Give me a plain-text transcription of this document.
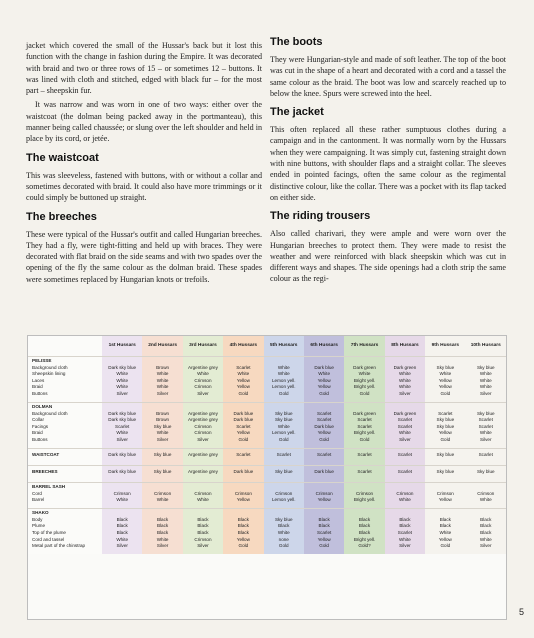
jacket which covered the small of the Hussar's back but it lost this function with the change in fashion during the Empire. It was decorated with braid and two or three rows of 15 – or sometimes 12 – buttons. It was lined with cloth and stitched, edged with black fur – for the most part – sheepskin fur.

It was narrow and was worn in one of two ways: either over the waistcoat (the dolman being packed away in the portmanteau), this manner being called chaussée; or slung over the left shoulder and held in place by its cord, or jetée.

The waistcoat

This was sleeveless, fastened with buttons, with or without a collar and sometimes decorated with braid. It could also have more trimmings or it could simply be buttoned up straight.

The breeches

These were typical of the Hussar's outfit and called Hungarian breeches. They had a fly, were tight-fitting and held up with braces. They were decorated with flat braid on the side seams and with two spades over the opening of the fly the same colour as the dolman braid. These spades were sometimes replaced by Hungarian knots or trefoils.

The boots

They were Hungarian-style and made of soft leather. The top of the boot was cut in the shape of a heart and decorated with a cord and a tassel the same colour as the braid. The boot was low and scarcely reached up to below the knee. Spurs were screwed into the heel.

The jacket

This often replaced all these rather sumptuous clothes during a campaign and in the cantonment. It was normally worn by the Hussars when they were campaigning. It was simply cut, fastening straight down with nine buttons, with shoulder flaps and a straight collar. The sleeves ended in pointed facings, often the same colour as the regimental distinctive colour, like the collar. There was a pocket with its flap tacked on either side.

The riding trousers

Also called charivari, they were ample and were worn over the Hungarian breeches to protect them. They were made to resist the weather and were reinforced with black sheepskin which was cut in different ways and shapes. The side openings had a cloth strip the same colour as the regi-

	1st Hussars	2nd Hussars	3rd Hussars	4th Hussars	5th Hussars	6th Hussars	7th Hussars	8th Hussars	9th Hussars	10th Hussars
PELISSE										
Background cloth	Dark sky blue	Brown	Argentine grey	Scarlet	White	Dark blue	Dark green	Dark green	Sky blue	Sky blue
Sheepskin lining	White	White	White	White	White	White	White	White	White	White
Laces	White	White	Crimson	Yellow	Lemon yell.	Yellow	Bright yell.	White	Yellow	White
Braid	White	White	Crimson	Yellow	Lemon yell.	Yellow	Bright yell.	White	Yellow	White
Buttons	Silver	Silver	Silver	Gold	Gold	Gold	Gold	Silver	Gold	Silver

DOLMAN										
Background cloth	Dark sky blue	Brown	Argentine grey	Dark blue	Sky blue	Scarlet	Dark green	Dark green	Scarlet	Sky blue
Collar	Dark sky blue	Brown	Argentine grey	Dark blue	Sky blue	Scarlet	Scarlet	Scarlet	Sky blue	Scarlet
Facings	Scarlet	Sky blue	Crimson	Scarlet	White	Dark blue	Scarlet	Scarlet	Sky blue	Scarlet
Braid	White	White	Crimson	Yellow	Lemon yell.	Yellow	Bright yell.	White	Yellow	White
Buttons	Silver	Silver	Silver	Gold	Gold	Gold	Gold	Silver	Gold	Silver

WAISTCOAT	Dark sky blue	Sky blue	Argentine grey	Scarlet	Scarlet	Scarlet	Scarlet	Scarlet	Sky blue	Scarlet

BREECHES	Dark sky blue	Sky blue	Argentine grey	Dark blue	Sky blue	Dark blue	Scarlet	Scarlet	Sky blue	Sky blue

BARREL SASH										
Cord	Crimson	Crimson	Crimson	Crimson	Crimson	Crimson	Crimson	Crimson	Crimson	Crimson
Barrel	White	White	White	Yellow	Lemon yell.	Yellow	Bright yell.	White	Yellow	White

SHAKO										
Body	Black	Black	Black	Black	Sky blue	Black	Black	Black	Black	Black
Plume	Black	Black	Black	Black	Black	Black	Black	Black	Black	Black
Top of the plume	Black	Black	Black	Black	White	Scarlet	Black	Scarlet	White	Black
Cord and tassel	White	White	Crimson	Yellow	none	Yellow	Bright yell.	White	Yellow	White
Metal part of the chinstrap	Silver	Silver	Silver	Gold	Gold	Gold	Gold?	Silver	Gold	Silver

5
